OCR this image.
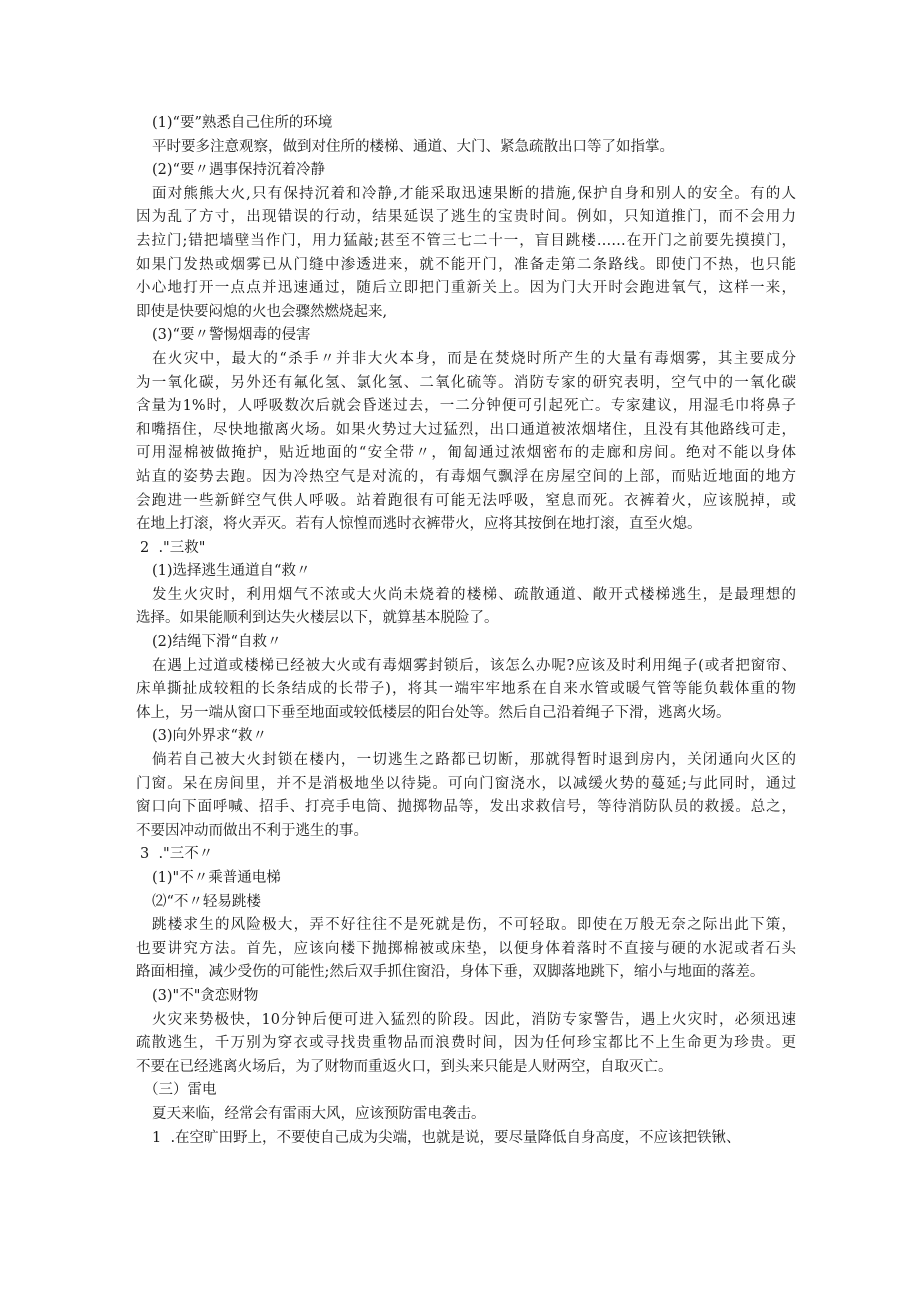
(1)“要”熟悉自己住所的环境
平时要多注意观察，做到对住所的楼梯、通道、大门、紧急疏散出口等了如指掌。
(2)“要〃遇事保持沉着冷静
面对熊熊大火,只有保持沉着和冷静,才能采取迅速果断的措施,保护自身和别人的安全。有的人
因为乱了方寸，出现错误的行动，结果延误了逃生的宝贵时间。例如，只知道推门，而不会用力
去拉门;错把墙壁当作门，用力猛敲;甚至不管三七二十一，盲目跳楼……在开门之前要先摸摸门，
如果门发热或烟雾已从门缝中渗透进来，就不能开门，准备走第二条路线。即使门不热，也只能
小心地打开一点点并迅速通过，随后立即把门重新关上。因为门大开时会跑进氧气，这样一来，
即使是快要闷熄的火也会骤然燃烧起来,
(3)“要〃警惕烟毒的侵害
在火灾中，最大的“杀手〃并非大火本身，而是在焚烧时所产生的大量有毒烟雾，其主要成分
为一氧化碳，另外还有氟化氢、氯化氢、二氧化硫等。消防专家的研究表明，空气中的一氧化碳
含量为1%时，人呼吸数次后就会昏迷过去，一二分钟便可引起死亡。专家建议，用湿毛巾将鼻子
和嘴捂住，尽快地撤离火场。如果火势过大过猛烈，出口通道被浓烟堵住，且没有其他路线可走，
可用湿棉被做掩护，贴近地面的“安全带〃，匍匐通过浓烟密布的走廊和房间。绝对不能以身体
站直的姿势去跑。因为冷热空气是对流的，有毒烟气飘浮在房屋空间的上部，而贴近地面的地方
会跑进一些新鲜空气供人呼吸。站着跑很有可能无法呼吸，窒息而死。衣裤着火，应该脱掉，或
在地上打滚，将火弄灭。若有人惊惶而逃时衣裤带火，应将其按倒在地打滚，直至火熄。
2  ."三救"
(1)选择逃生通道自“救〃
发生火灾时，利用烟气不浓或大火尚未烧着的楼梯、疏散通道、敞开式楼梯逃生，是最理想的
选择。如果能顺利到达失火楼层以下，就算基本脱险了。
(2)结绳下滑“自救〃
在遇上过道或楼梯已经被大火或有毒烟雾封锁后，该怎么办呢?应该及时利用绳子(或者把窗帘、
床单撕扯成较粗的长条结成的长带子)，将其一端牢牢地系在自来水管或暖气管等能负载体重的物
体上，另一端从窗口下垂至地面或较低楼层的阳台处等。然后自己沿着绳子下滑，逃离火场。
(3)向外界求“救〃
倘若自己被大火封锁在楼内，一切逃生之路都已切断，那就得暂时退到房内，关闭通向火区的
门窗。呆在房间里，并不是消极地坐以待毙。可向门窗浇水，以减缓火势的蔓延;与此同时，通过
窗口向下面呼喊、招手、打亮手电筒、抛掷物品等，发出求救信号，等待消防队员的救援。总之，
不要因冲动而做出不利于逃生的事。
3  ."三不〃
(1)"不〃乘普通电梯
⑵“不〃轻易跳楼
跳楼求生的风险极大，弄不好往往不是死就是伤，不可轻取。即使在万般无奈之际出此下策，
也要讲究方法。首先，应该向楼下抛掷棉被或床垫，以便身体着落时不直接与硬的水泥或者石头
路面相撞，减少受伤的可能性;然后双手抓住窗沿，身体下垂，双脚落地跳下，缩小与地面的落差。
(3)"不"贪恋财物
火灾来势极快，10分钟后便可进入猛烈的阶段。因此，消防专家警告，遇上火灾时，必须迅速
疏散逃生，千万别为穿衣或寻找贵重物品而浪费时间，因为任何珍宝都比不上生命更为珍贵。更
不要在已经逃离火场后，为了财物而重返火口，到头来只能是人财两空，自取灭亡。
（三）雷电
夏天来临，经常会有雷雨大风，应该预防雷电袭击。
1  .在空旷田野上，不要使自己成为尖端，也就是说，要尽量降低自身高度，不应该把铁锹、
